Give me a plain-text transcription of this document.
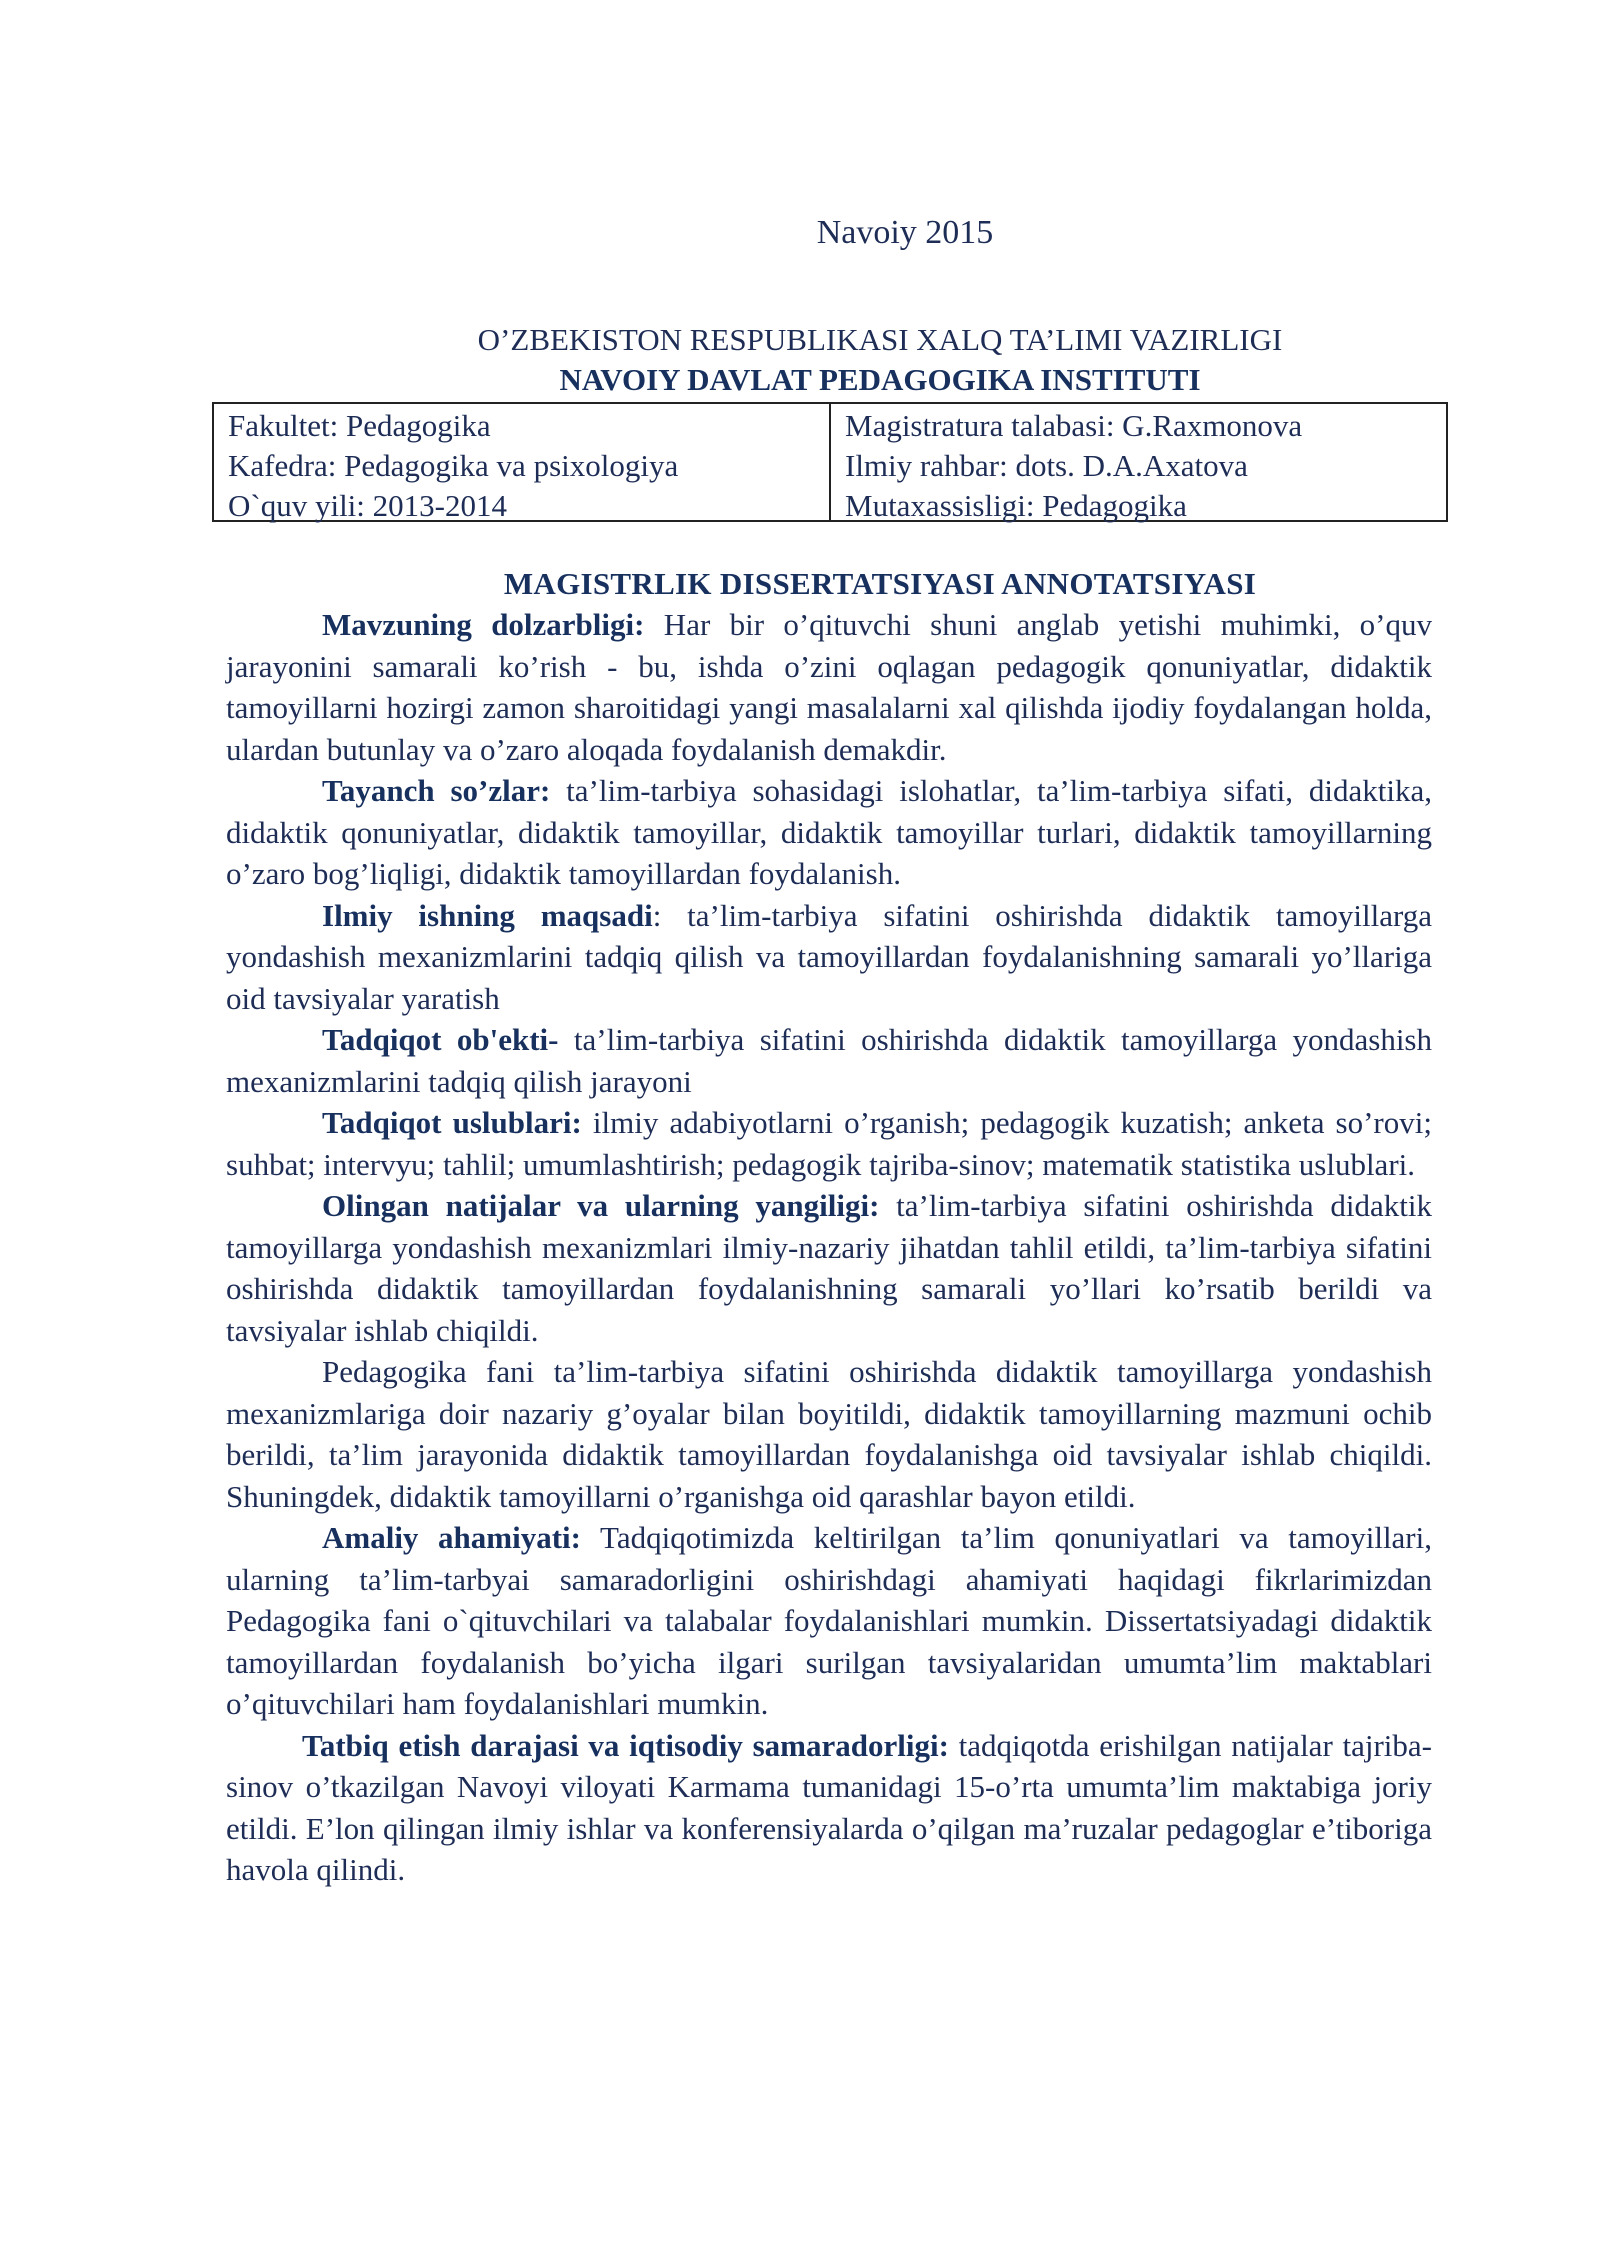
Navoiy 2015
O’ZBEKISTON RESPUBLIKASI XALQ TA’LIMI VAZIRLIGI
NAVOIY DAVLAT PEDAGOGIKA INSTITUTI
Fakultet: Pedagogika
Kafedra: Pedagogika va psixologiya
O`quv yili: 2013-2014
Magistratura talabasi: G.Raxmonova
Ilmiy rahbar: dots. D.A.Axatova
Mutaxassisligi: Pedagogika
MAGISTRLIK DISSERTATSIYASI ANNOTATSIYASI

Mavzuning dolzarbligi: Har bir o’qituvchi shuni anglab yetishi muhimki, o’quv jarayonini samarali ko’rish - bu, ishda o’zini oqlagan pedagogik qonuniyatlar, didaktik tamoyillarni hozirgi zamon sharoitidagi yangi masalalarni xal qilishda ijodiy foydalangan holda, ulardan butunlay va o’zaro aloqada foydalanish demakdir.

Tayanch so’zlar: ta’lim-tarbiya sohasidagi islohatlar, ta’lim-tarbiya sifati, didaktika, didaktik qonuniyatlar, didaktik tamoyillar, didaktik tamoyillar turlari, didaktik tamoyillarning o’zaro bog’liqligi, didaktik tamoyillardan foydalanish.

Ilmiy ishning maqsadi: ta’lim-tarbiya sifatini oshirishda didaktik tamoyillarga yondashish mexanizmlarini tadqiq qilish va tamoyillardan foydalanishning samarali yo’llariga oid tavsiyalar yaratish

Tadqiqot ob'ekti- ta’lim-tarbiya sifatini oshirishda didaktik tamoyillarga yondashish mexanizmlarini tadqiq qilish jarayoni

Tadqiqot uslublari: ilmiy adabiyotlarni o’rganish; pedagogik kuzatish; anketa so’rovi; suhbat; intervyu; tahlil; umumlashtirish; pedagogik tajriba-sinov; matematik statistika uslublari.

Olingan natijalar va ularning yangiligi: ta’lim-tarbiya sifatini oshirishda didaktik tamoyillarga yondashish mexanizmlari ilmiy-nazariy jihatdan tahlil etildi, ta’lim-tarbiya sifatini oshirishda didaktik tamoyillardan foydalanishning samarali yo’llari ko’rsatib berildi va tavsiyalar ishlab chiqildi.

Pedagogika fani ta’lim-tarbiya sifatini oshirishda didaktik tamoyillarga yondashish mexanizmlariga doir nazariy g’oyalar bilan boyitildi, didaktik tamoyillarning mazmuni ochib berildi, ta’lim jarayonida didaktik tamoyillardan foydalanishga oid tavsiyalar ishlab chiqildi. Shuningdek, didaktik tamoyillarni o’rganishga oid qarashlar bayon etildi.

Amaliy ahamiyati: Tadqiqotimizda keltirilgan ta’lim qonuniyatlari va tamoyillari, ularning ta’lim-tarbyai samaradorligini oshirishdagi ahamiyati haqidagi fikrlarimizdan Pedagogika fani o`qituvchilari va talabalar foydalanishlari mumkin. Dissertatsiyadagi didaktik tamoyillardan foydalanish bo’yicha ilgari surilgan tavsiyalaridan umumta’lim maktablari o’qituvchilari ham foydalanishlari mumkin.

Tatbiq etish darajasi va iqtisodiy samaradorligi: tadqiqotda erishilgan natijalar tajriba-sinov o’tkazilgan Navoyi viloyati Karmama tumanidagi 15-o’rta umumta’lim maktabiga joriy etildi. E’lon qilingan ilmiy ishlar va konferensiyalarda o’qilgan ma’ruzalar pedagoglar e’tiboriga havola qilindi.
